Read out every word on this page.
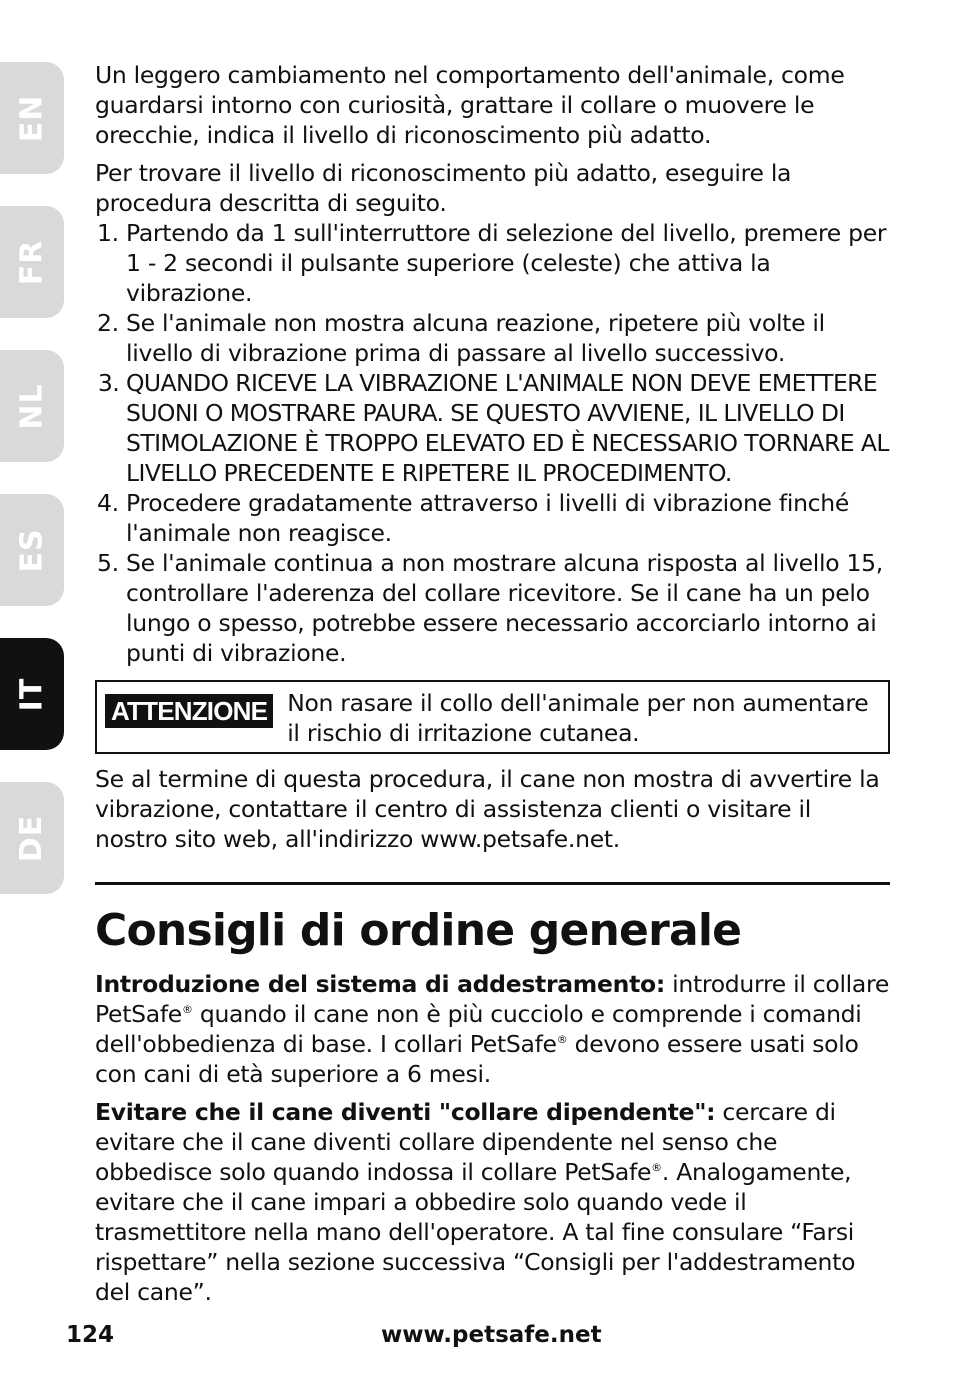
EN
FR
NL
ES
IT
DE

Un leggero cambiamento nel comportamento dell'animale, come guardarsi intorno con curiosità, grattare il collare o muovere le orecchie, indica il livello di riconoscimento più adatto.

Per trovare il livello di riconoscimento più adatto, eseguire la procedura descritta di seguito.

1. Partendo da 1 sull'interruttore di selezione del livello, premere per 1 - 2 secondi il pulsante superiore (celeste) che attiva la vibrazione.
2. Se l'animale non mostra alcuna reazione, ripetere più volte il livello di vibrazione prima di passare al livello successivo.
3. QUANDO RICEVE LA VIBRAZIONE L'ANIMALE NON DEVE EMETTERE SUONI O MOSTRARE PAURA. SE QUESTO AVVIENE, IL LIVELLO DI STIMOLAZIONE È TROPPO ELEVATO ED È NECESSARIO TORNARE AL LIVELLO PRECEDENTE E RIPETERE IL PROCEDIMENTO.
4. Procedere gradatamente attraverso i livelli di vibrazione finché l'animale non reagisce.
5. Se l'animale continua a non mostrare alcuna risposta al livello 15, controllare l'aderenza del collare ricevitore. Se il cane ha un pelo lungo o spesso, potrebbe essere necessario accorciarlo intorno ai punti di vibrazione.
ATTENZIONE Non rasare il collo dell'animale per non aumentare il rischio di irritazione cutanea.

Se al termine di questa procedura, il cane non mostra di avvertire la vibrazione, contattare il centro di assistenza clienti o visitare il nostro sito web, all'indirizzo www.petsafe.net.

Consigli di ordine generale

Introduzione del sistema di addestramento: introdurre il collare PetSafe® quando il cane non è più cucciolo e comprende i comandi dell'obbedienza di base. I collari PetSafe® devono essere usati solo con cani di età superiore a 6 mesi.

Evitare che il cane diventi "collare dipendente": cercare di evitare che il cane diventi collare dipendente nel senso che obbedisce solo quando indossa il collare PetSafe®. Analogamente, evitare che il cane impari a obbedire solo quando vede il trasmettitore nella mano dell'operatore. A tal fine consulare “Farsi rispettare” nella sezione successiva “Consigli per l'addestramento del cane”.

124	www.petsafe.net
